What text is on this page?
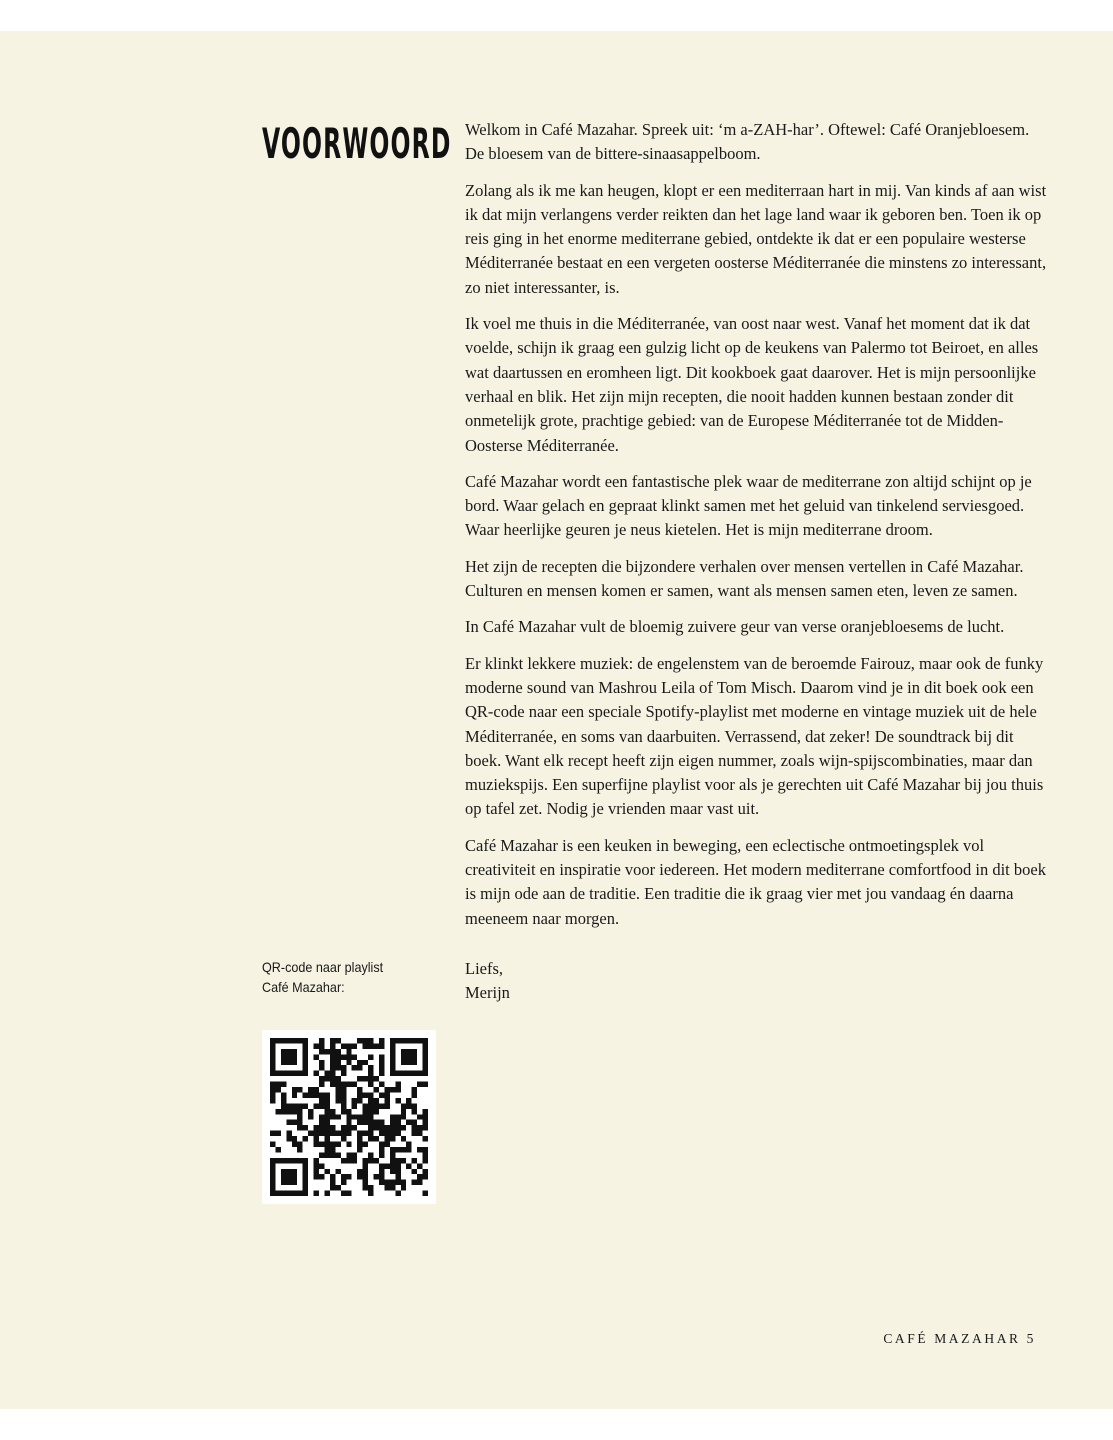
VOORWOORD Welkom in Café Mazahar. Spreek uit: ‘m a-ZAH-har’. Oftewel: Café Oranjebloesem. De bloesem van de bittere-sinaasappelboom.

Zolang als ik me kan heugen, klopt er een mediterraan hart in mij. Van kinds af aan wist ik dat mijn verlangens verder reikten dan het lage land waar ik geboren ben. Toen ik op reis ging in het enorme mediterrane gebied, ontdekte ik dat er een populaire westerse Méditerranée bestaat en een vergeten oosterse Méditerranée die minstens zo interessant, zo niet interessanter, is.

Ik voel me thuis in die Méditerranée, van oost naar west. Vanaf het moment dat ik dat voelde, schijn ik graag een gulzig licht op de keukens van Palermo tot Beiroet, en alles wat daartussen en eromheen ligt. Dit kookboek gaat daarover. Het is mijn persoonlijke verhaal en blik. Het zijn mijn recepten, die nooit hadden kunnen bestaan zonder dit onmetelijk grote, prachtige gebied: van de Europese Méditerranée tot de Midden-Oosterse Méditerranée.

Café Mazahar wordt een fantastische plek waar de mediterrane zon altijd schijnt op je bord. Waar gelach en gepraat klinkt samen met het geluid van tinkelend serviesgoed. Waar heerlijke geuren je neus kietelen. Het is mijn mediterrane droom.

Het zijn de recepten die bijzondere verhalen over mensen vertellen in Café Mazahar. Culturen en mensen komen er samen, want als mensen samen eten, leven ze samen.

In Café Mazahar vult de bloemig zuivere geur van verse oranjebloesems de lucht.

Er klinkt lekkere muziek: de engelenstem van de beroemde Fairouz, maar ook de funky moderne sound van Mashrou Leila of Tom Misch. Daarom vind je in dit boek ook een QR-code naar een speciale Spotify-playlist met moderne en vintage muziek uit de hele Méditerranée, en soms van daarbuiten. Verrassend, dat zeker! De soundtrack bij dit boek. Want elk recept heeft zijn eigen nummer, zoals wijn-spijscombinaties, maar dan muziekspijs. Een superfijne playlist voor als je gerechten uit Café Mazahar bij jou thuis op tafel zet. Nodig je vrienden maar vast uit.

Café Mazahar is een keuken in beweging, een eclectische ontmoetingsplek vol creativiteit en inspiratie voor iedereen. Het modern mediterrane comfortfood in dit boek is mijn ode aan de traditie. Een traditie die ik graag vier met jou vandaag én daarna meeneem naar morgen.

Liefs,
Merijn

QR-code naar playlist
Café Mazahar:
CAFÉ MAZAHAR 5
